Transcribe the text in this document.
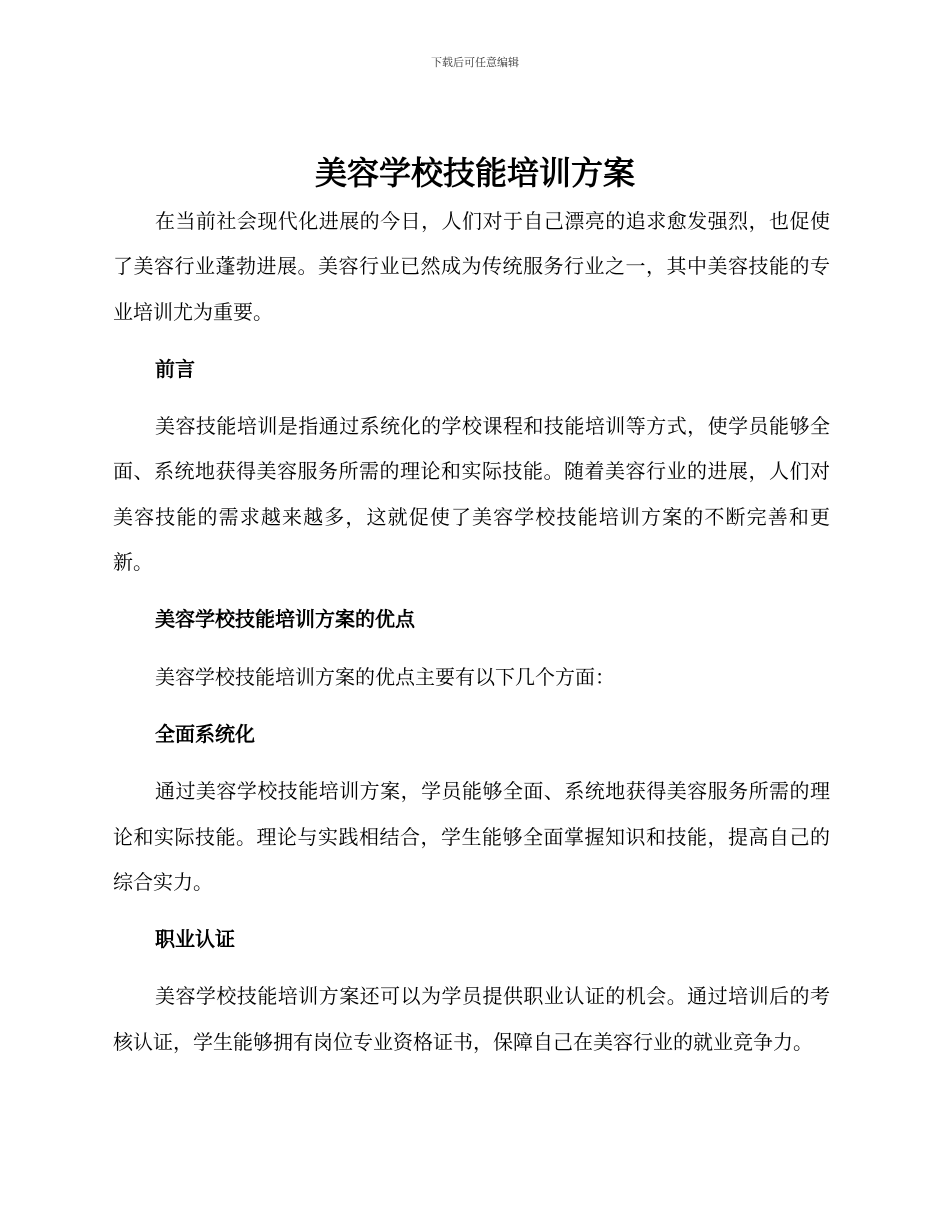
下载后可任意编辑
美容学校技能培训方案

在当前社会现代化进展的今日，人们对于自己漂亮的追求愈发强烈，也促使了美容行业蓬勃进展。美容行业已然成为传统服务行业之一，其中美容技能的专业培训尤为重要。

前言

美容技能培训是指通过系统化的学校课程和技能培训等方式，使学员能够全面、系统地获得美容服务所需的理论和实际技能。随着美容行业的进展，人们对美容技能的需求越来越多，这就促使了美容学校技能培训方案的不断完善和更新。

美容学校技能培训方案的优点

美容学校技能培训方案的优点主要有以下几个方面：

全面系统化

通过美容学校技能培训方案，学员能够全面、系统地获得美容服务所需的理论和实际技能。理论与实践相结合，学生能够全面掌握知识和技能，提高自己的综合实力。

职业认证

美容学校技能培训方案还可以为学员提供职业认证的机会。通过培训后的考核认证，学生能够拥有岗位专业资格证书，保障自己在美容行业的就业竞争力。
